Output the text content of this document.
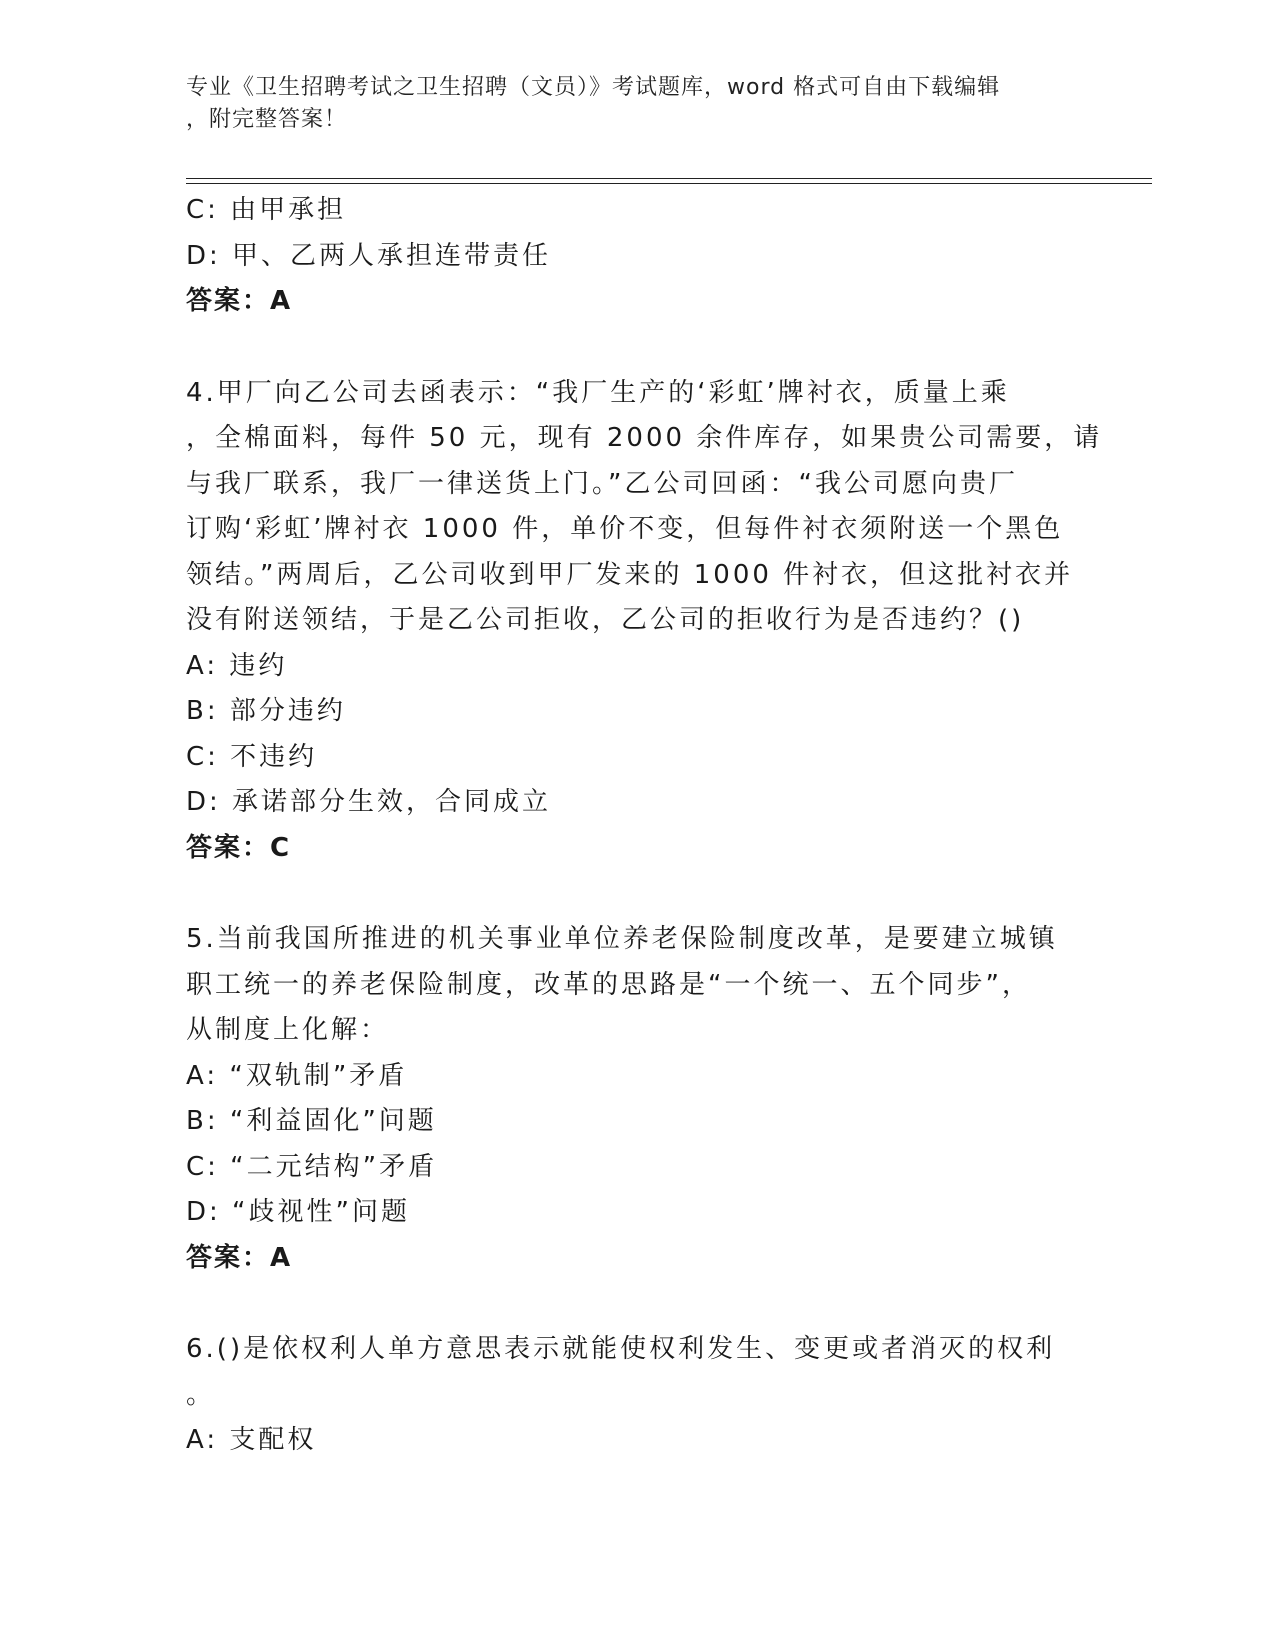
专业《卫生招聘考试之卫生招聘（文员）》考试题库，word 格式可自由下载编辑
，附完整答案！
C: 由甲承担
D: 甲、乙两人承担连带责任
答案：A
4.甲厂向乙公司去函表示：“我厂生产的‘彩虹’牌衬衣，质量上乘
，全棉面料，每件 50 元，现有 2000 余件库存，如果贵公司需要，请
与我厂联系，我厂一律送货上门。”乙公司回函：“我公司愿向贵厂
订购‘彩虹’牌衬衣 1000 件，单价不变，但每件衬衣须附送一个黑色
领结。”两周后，乙公司收到甲厂发来的 1000 件衬衣，但这批衬衣并
没有附送领结，于是乙公司拒收，乙公司的拒收行为是否违约？()
A: 违约
B: 部分违约
C: 不违约
D: 承诺部分生效，合同成立
答案：C
5.当前我国所推进的机关事业单位养老保险制度改革，是要建立城镇
职工统一的养老保险制度，改革的思路是“一个统一、五个同步”，
从制度上化解：
A: “双轨制”矛盾
B: “利益固化”问题
C: “二元结构”矛盾
D: “歧视性”问题
答案：A
6.()是依权利人单方意思表示就能使权利发生、变更或者消灭的权利
。
A: 支配权
